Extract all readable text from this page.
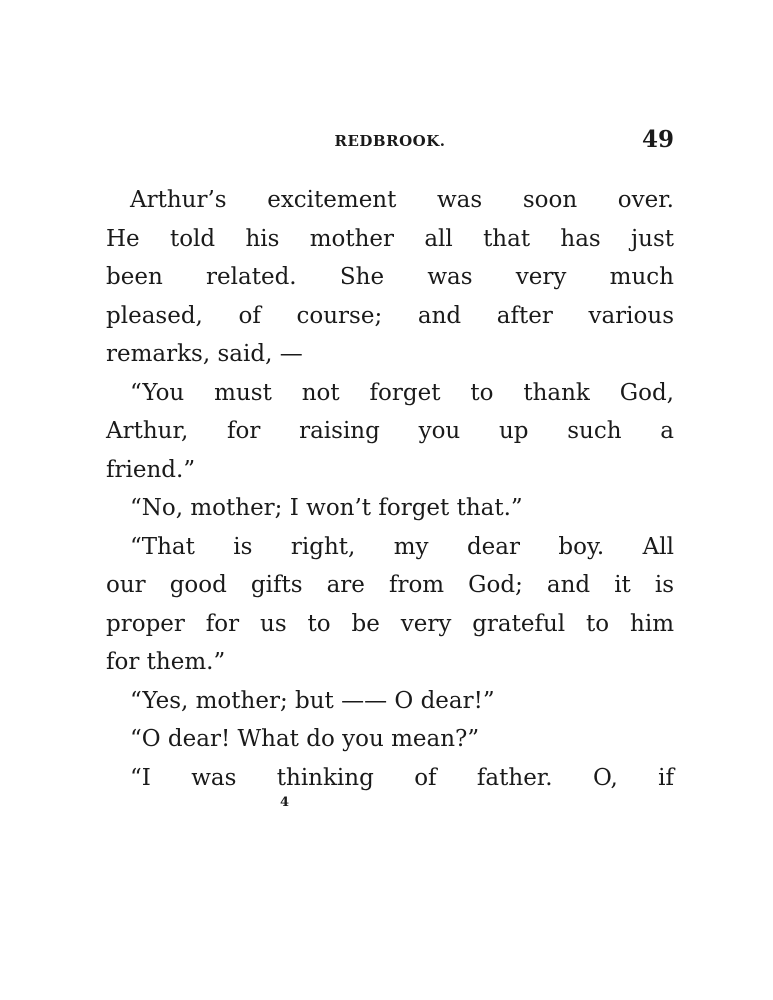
REDBROOK.	49
Arthur’s excitement was soon over.
He told his mother all that has just
been related. She was very much
pleased, of course; and after various
remarks, said, —
“You must not forget to thank God,
Arthur, for raising you up such a
friend.”
“No, mother; I won’t forget that.”
“That is right, my dear boy. All
our good gifts are from God; and it is
proper for us to be very grateful to him
for them.”
“Yes, mother; but —— O dear!”
“O dear! What do you mean?”
“I was thinking of father. O, if
4
